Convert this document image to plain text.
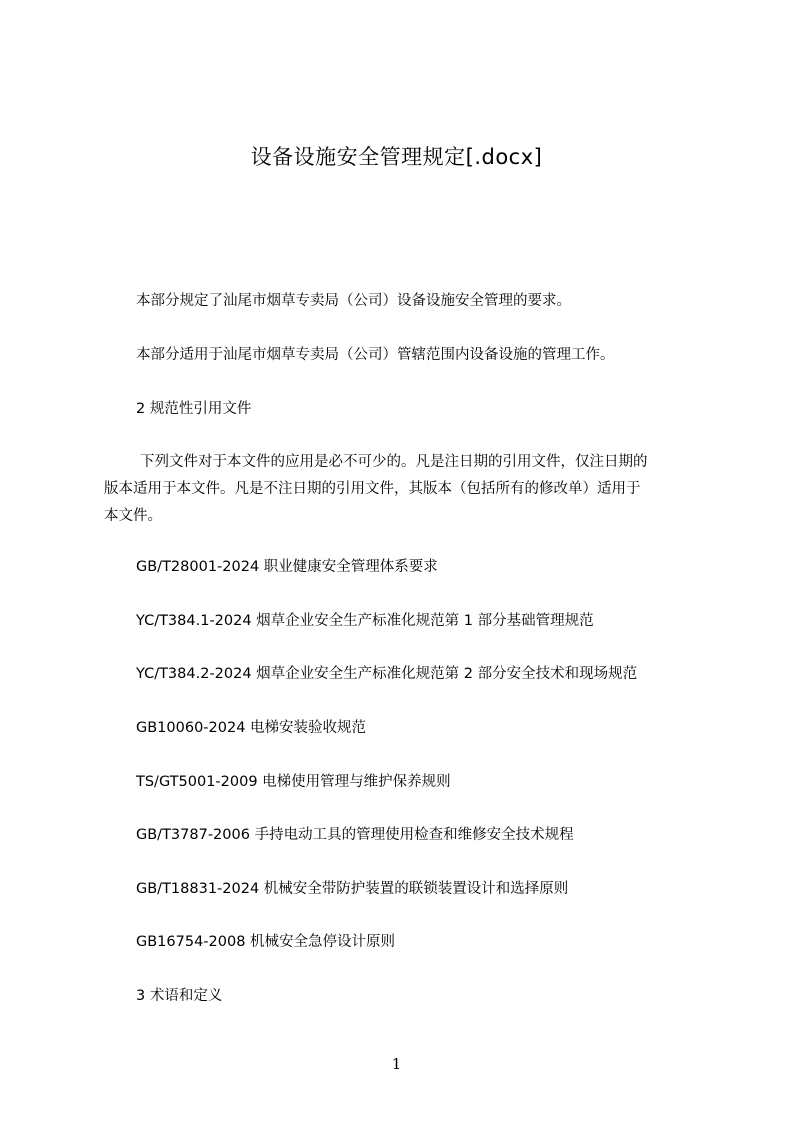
设备设施安全管理规定[.docx]
本部分规定了汕尾市烟草专卖局（公司）设备设施安全管理的要求。
本部分适用于汕尾市烟草专卖局（公司）管辖范围内设备设施的管理工作。
2 规范性引用文件
下列文件对于本文件的应用是必不可少的。凡是注日期的引用文件，仅注日期的
版本适用于本文件。凡是不注日期的引用文件，其版本（包括所有的修改单）适用于
本文件。
GB/T28001-2024 职业健康安全管理体系要求
YC/T384.1-2024 烟草企业安全生产标准化规范第 1 部分基础管理规范
YC/T384.2-2024 烟草企业安全生产标准化规范第 2 部分安全技术和现场规范
GB10060-2024 电梯安装验收规范
TS/GT5001-2009 电梯使用管理与维护保养规则
GB/T3787-2006 手持电动工具的管理使用检查和维修安全技术规程
GB/T18831-2024 机械安全带防护装置的联锁装置设计和选择原则
GB16754-2008 机械安全急停设计原则
3 术语和定义
1
